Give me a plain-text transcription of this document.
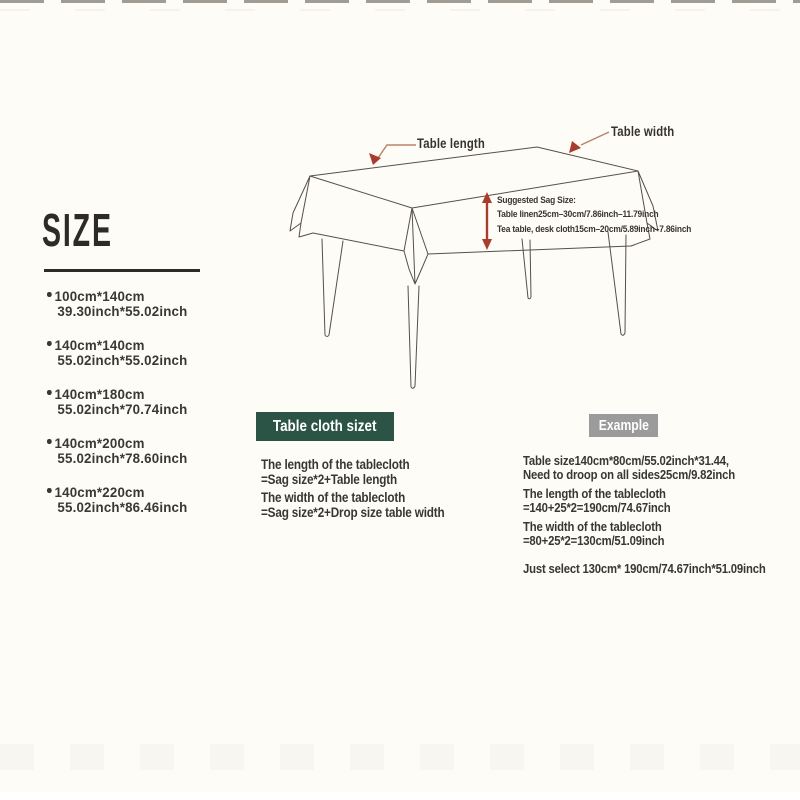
Table length
Table width
Suggested Sag Size:
Table linen25cm–30cm/7.86inch–11.79inch
Tea table, desk cloth15cm–20cm/5.89inch–7.86inch
SIZE
100cm*140cm
39.30inch*55.02inch
140cm*140cm
55.02inch*55.02inch
140cm*180cm
55.02inch*70.74inch
140cm*200cm
55.02inch*78.60inch
140cm*220cm
55.02inch*86.46inch
Table cloth sizet
The length of the tablecloth
=Sag size*2+Table length
The width of the tablecloth
=Sag size*2+Drop size table width
Example
Table size140cm*80cm/55.02inch*31.44,
Need to droop on all sides25cm/9.82inch
The length of the tablecloth
=140+25*2=190cm/74.67inch
The width of the tablecloth
=80+25*2=130cm/51.09inch
Just select 130cm* 190cm/74.67inch*51.09inch
